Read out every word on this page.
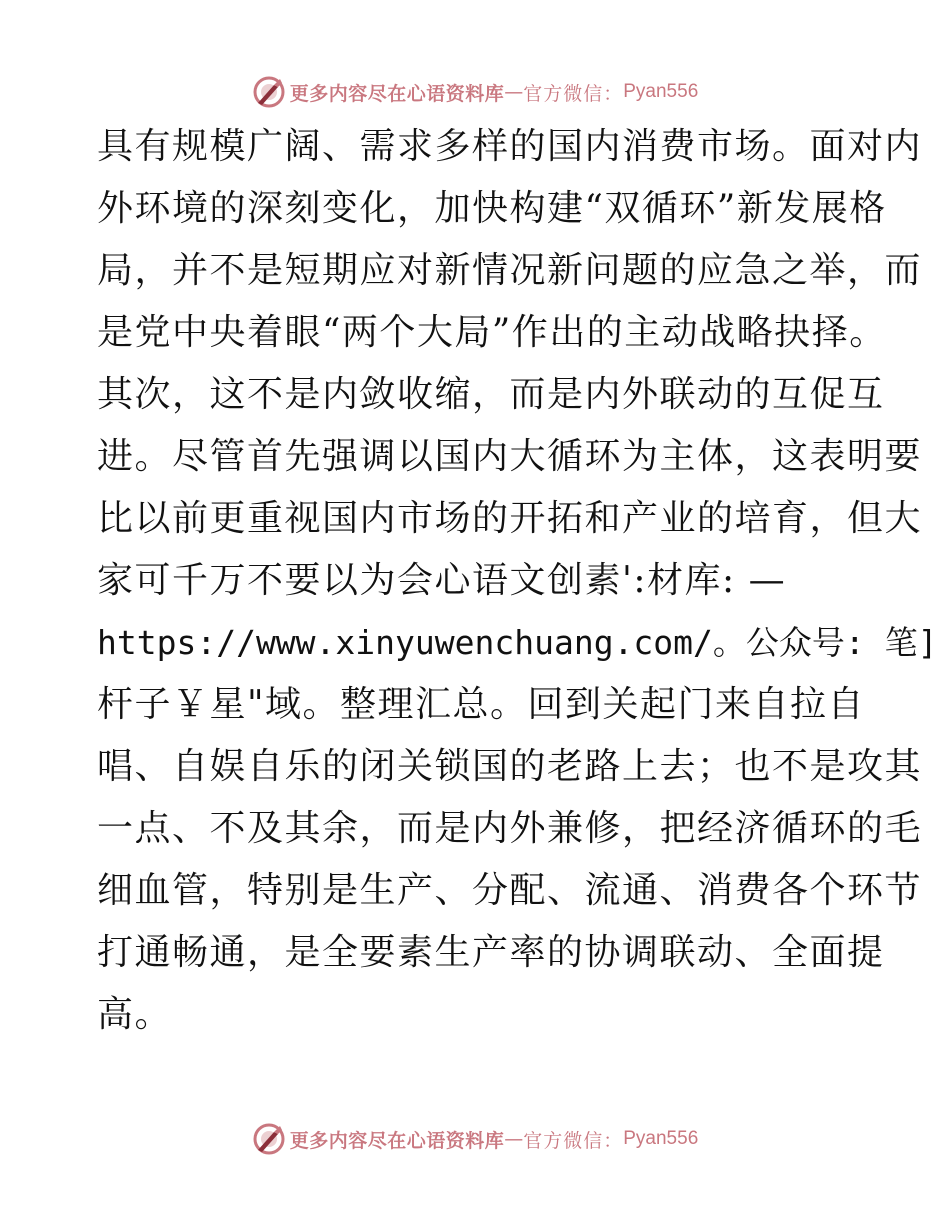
更多内容尽在心语资料库 — 官方微信： Pyan556
具有规模广阔、需求多样的国内消费市场。面对内
外环境的深刻变化，加快构建“双循环”新发展格
局，并不是短期应对新情况新问题的应急之举，而
是党中央着眼“两个大局”作出的主动战略抉择。
其次，这不是内敛收缩，而是内外联动的互促互
进。尽管首先强调以国内大循环为主体，这表明要
比以前更重视国内市场的开拓和产业的培育，但大
家可千万不要以为会心语文创素':材库: —
https://www.xinyuwenchuang.com/。公众号: 笔]
杆子￥星"域。整理汇总。回到关起门来自拉自
唱、自娱自乐的闭关锁国的老路上去；也不是攻其
一点、不及其余，而是内外兼修，把经济循环的毛
细血管，特别是生产、分配、流通、消费各个环节
打通畅通，是全要素生产率的协调联动、全面提
高。
更多内容尽在心语资料库 — 官方微信： Pyan556
